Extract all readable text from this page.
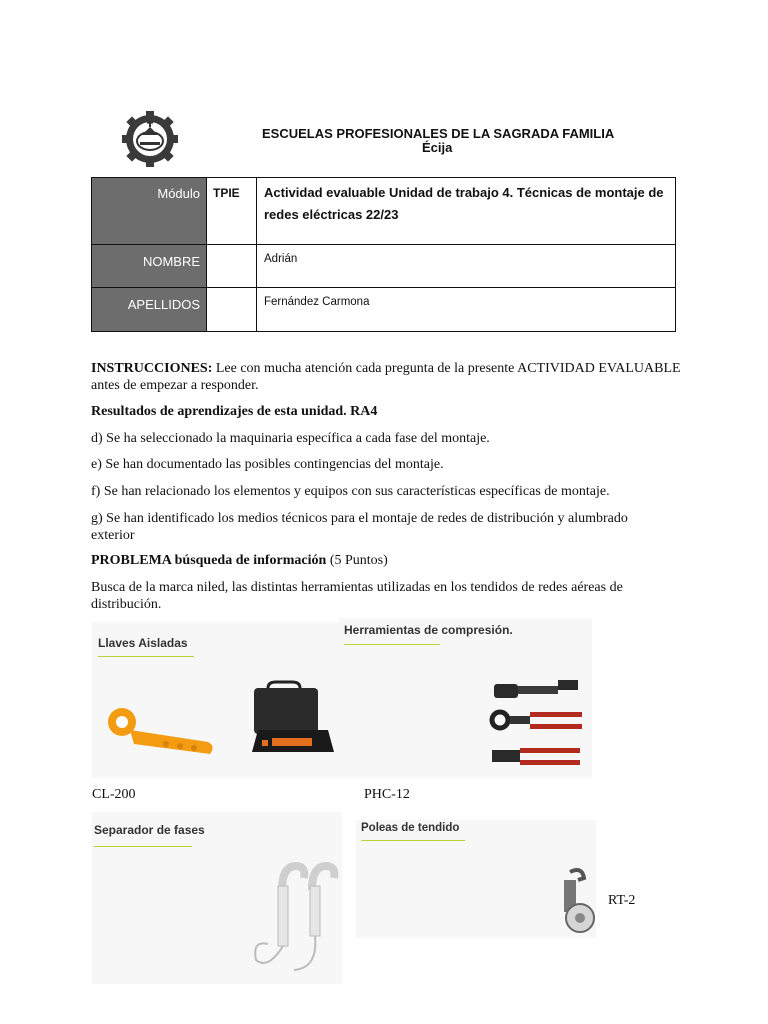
ESCUELAS PROFESIONALES DE LA SAGRADA FAMILIA
Écija
Módulo	TPIE	Actividad evaluable Unidad de trabajo 4. Técnicas de montaje de redes eléctricas 22/23
NOMBRE		Adrián
APELLIDOS		Fernández Carmona
INSTRUCCIONES: Lee con mucha atención cada pregunta de la presente ACTIVIDAD EVALUABLE antes de empezar a responder.
Resultados de aprendizajes de esta unidad. RA4
d) Se ha seleccionado la maquinaria específica a cada fase del montaje.
e) Se han documentado las posibles contingencias del montaje.
f) Se han relacionado los elementos y equipos con sus características específicas de montaje.
g) Se han identificado los medios técnicos para el montaje de redes de distribución y alumbrado exterior
PROBLEMA búsqueda de información (5 Puntos)
Busca de la marca niled, las distintas herramientas utilizadas en los tendidos de redes aéreas de distribución.
Llaves Aisladas
CL-200
Herramientas de compresión.
PHC-12
Separador de fases	Poleas de tendido
RT-2
